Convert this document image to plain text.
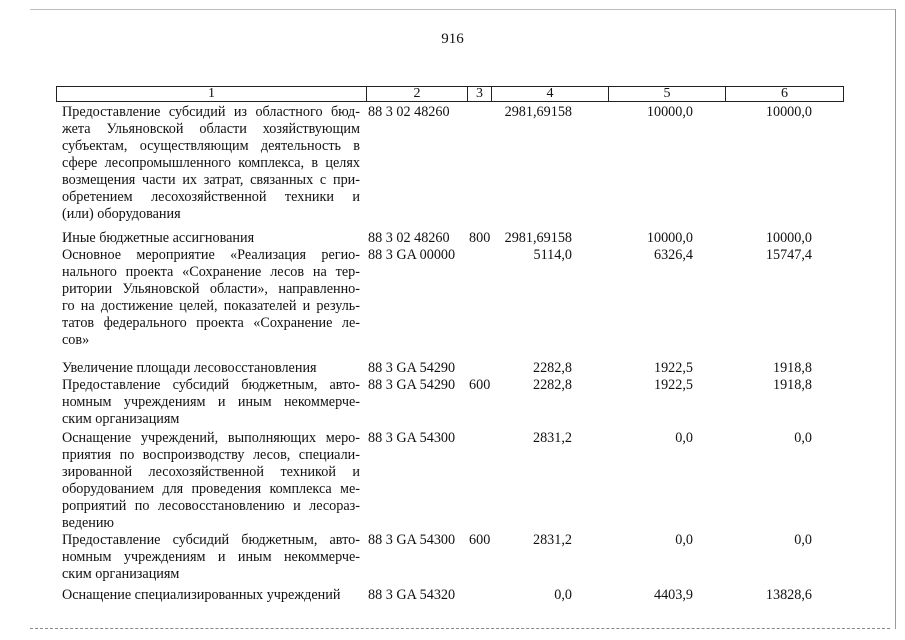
916
1	2	3	4	5	6
Предоставление субсидий из областного бюд-
жета Ульяновской области хозяйствующим
субъектам, осуществляющим деятельность в
сфере лесопромышленного комплекса, в целях
возмещения части их затрат, связанных с при-
обретением лесохозяйственной техники и
(или) оборудования
88 3 02 48260	2981,69158	10000,0	10000,0
Иные бюджетные ассигнования	88 3 02 48260 800	2981,69158	10000,0	10000,0
Основное мероприятие «Реализация регио-
нального проекта «Сохранение лесов на тер-
ритории Ульяновской области», направленно-
го на достижение целей, показателей и резуль-
татов федерального проекта «Сохранение ле-
сов»
88 3 GA 00000	5114,0	6326,4	15747,4
Увеличение площади лесовосстановления	88 3 GA 54290	2282,8	1922,5	1918,8
Предоставление субсидий бюджетным, авто-
номным учреждениям и иным некоммерче-
ским организациям
88 3 GA 54290 600	2282,8	1922,5	1918,8
Оснащение учреждений, выполняющих меро-
приятия по воспроизводству лесов, специали-
зированной лесохозяйственной техникой и
оборудованием для проведения комплекса ме-
роприятий по лесовосстановлению и лесораз-
ведению
88 3 GA 54300	2831,2	0,0	0,0
Предоставление субсидий бюджетным, авто-
номным учреждениям и иным некоммерче-
ским организациям
88 3 GA 54300 600	2831,2	0,0	0,0
Оснащение специализированных учреждений	88 3 GA 54320	0,0	4403,9	13828,6
